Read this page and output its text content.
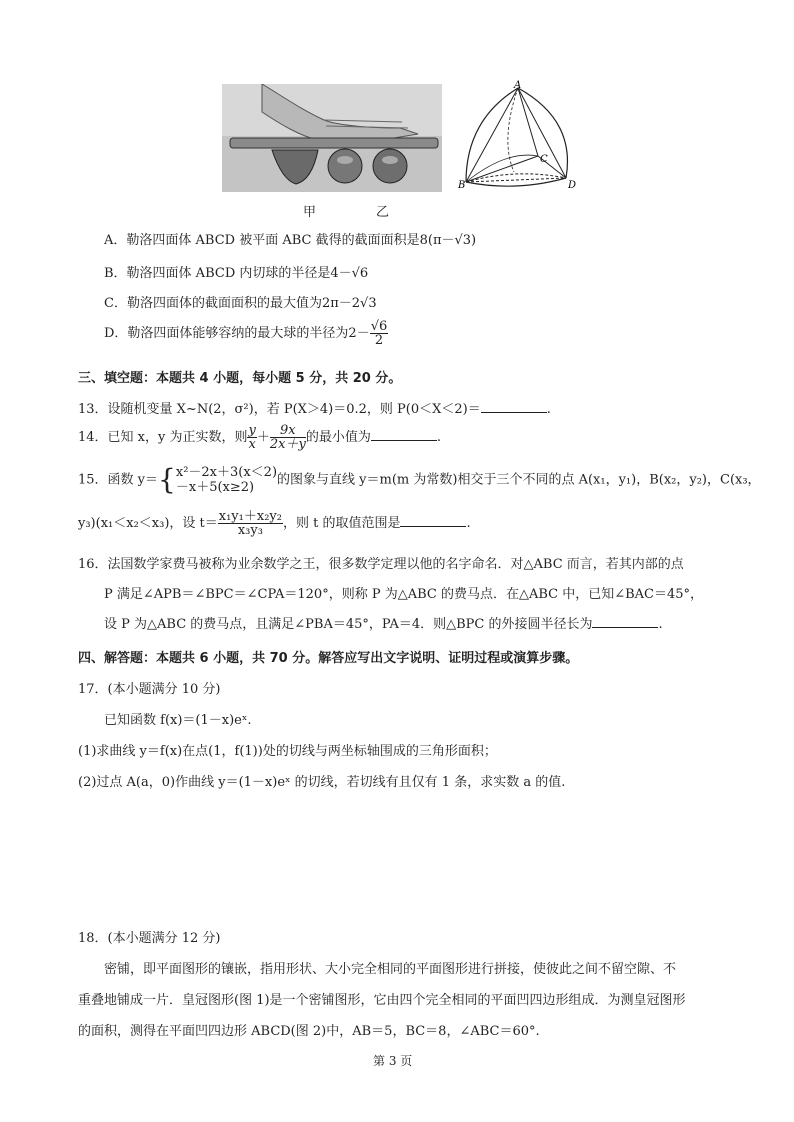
甲	乙
A
B
C
D
A．勒洛四面体 ABCD 被平面 ABC 截得的截面面积是8(π－√3)
B．勒洛四面体 ABCD 内切球的半径是4－√6
C．勒洛四面体的截面面积的最大值为2π－2√3
D．勒洛四面体能够容纳的最大球的半径为$2- \frac{√6}{2}$
三、填空题：本题共 4 小题，每小题 5 分，共 20 分。
13．设随机变量 X~N(2，σ²)，若 P(X＞4)＝0.2，则 P(0＜X＜2)＝	.
14．已知 x，y 为正实数，则 $\frac{y}{x} + \frac{9x}{2x+y}$ 的最小值为	.
15．函数 y＝{ x²－2x＋3(x＜2)
－x＋5(x≥2)	的图象与直线 y＝m(m 为常数)相交于三个不同的点 A(x₁，y₁)，B(x₂，y₂)，C(x₃，
y₃)(x₁＜x₂＜x₃)，设 $t= \frac{\text{x₁y₁＋x₂y₂}}{\text{x₃y₃}}$ ，则 t 的取值范围是	.
16．法国数学家费马被称为业余数学之王，很多数学定理以他的名字命名．对△ABC 而言，若其内部的点
P 满足∠APB＝∠BPC＝∠CPA＝120°，则称 P 为△ABC 的费马点．在△ABC 中，已知∠BAC＝45°，
设 P 为△ABC 的费马点，且满足∠PBA＝45°，PA＝4．则△BPC 的外接圆半径长为	.
四、解答题：本题共 6 小题，共 70 分。解答应写出文字说明、证明过程或演算步骤。
17．(本小题满分 10 分)
已知函数 f(x)＝(1－x)eˣ.
(1)求曲线 y＝f(x)在点(1，f(1))处的切线与两坐标轴围成的三角形面积；
(2)过点 A(a，0)作曲线 y＝(1－x)eˣ 的切线，若切线有且仅有 1 条，求实数 a 的值.
18．(本小题满分 12 分)
密铺，即平面图形的镶嵌，指用形状、大小完全相同的平面图形进行拼接，使彼此之间不留空隙、不
重叠地铺成一片．皇冠图形(图 1)是一个密铺图形，它由四个完全相同的平面凹四边形组成．为测皇冠图形
的面积，测得在平面凹四边形 ABCD(图 2)中，AB＝5，BC＝8，∠ABC＝60°.
第 3 页
